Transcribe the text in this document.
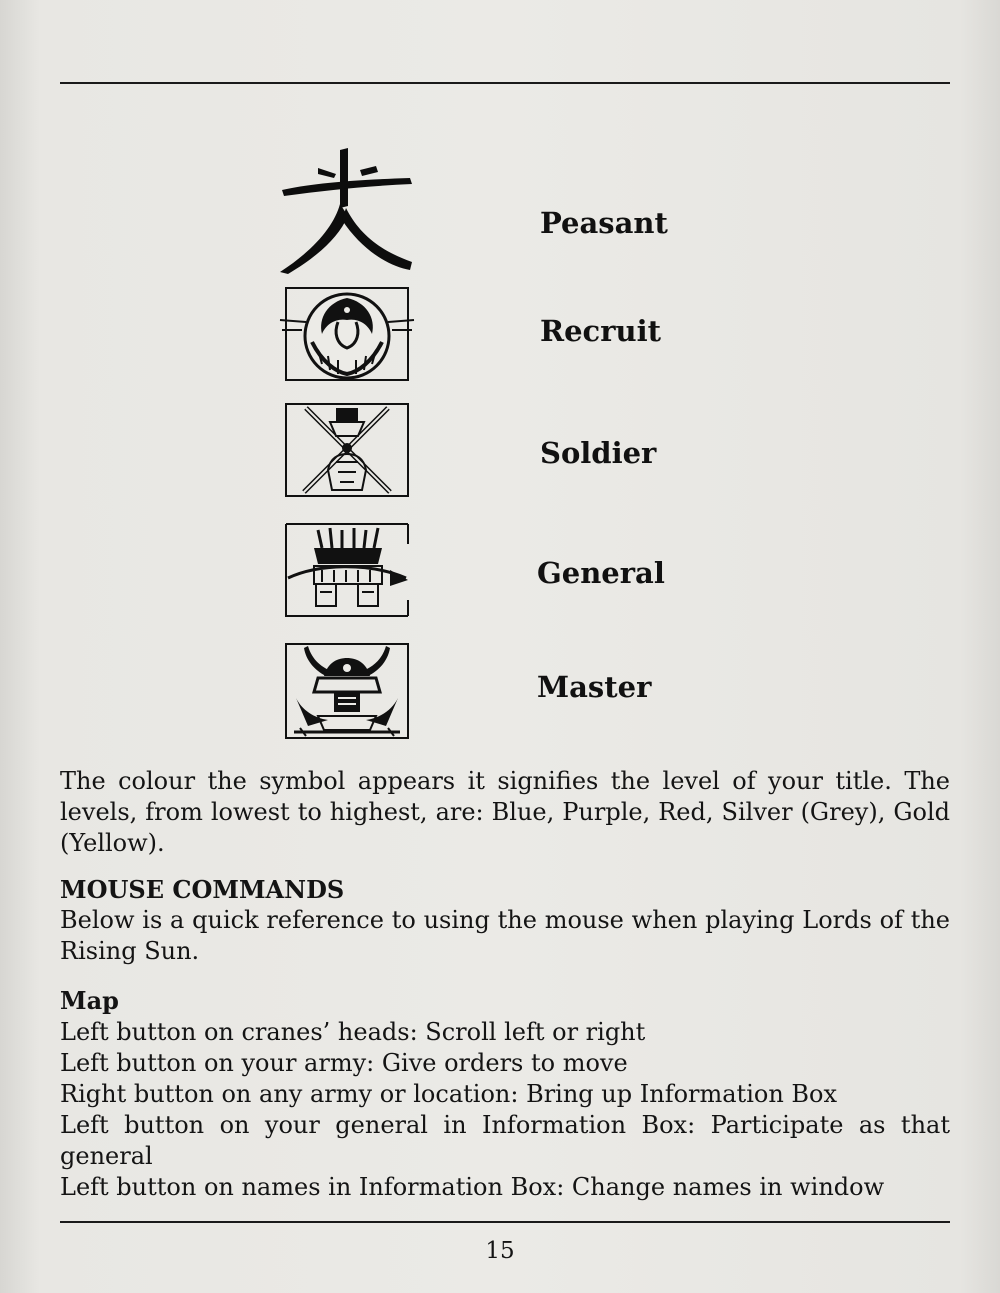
Peasant
Recruit
Soldier
General
Master

The colour the symbol appears it signifies the level of your title. The levels, from lowest to highest, are: Blue, Purple, Red, Silver (Grey), Gold (Yellow).

MOUSE COMMANDS

Below is a quick reference to using the mouse when playing Lords of the Rising Sun.

Map
Left button on cranes’ heads: Scroll left or right
Left button on your army: Give orders to move
Right button on any army or location: Bring up Information Box
Left button on your general in Information Box: Participate as that general
Left button on names in Information Box: Change names in window
15
